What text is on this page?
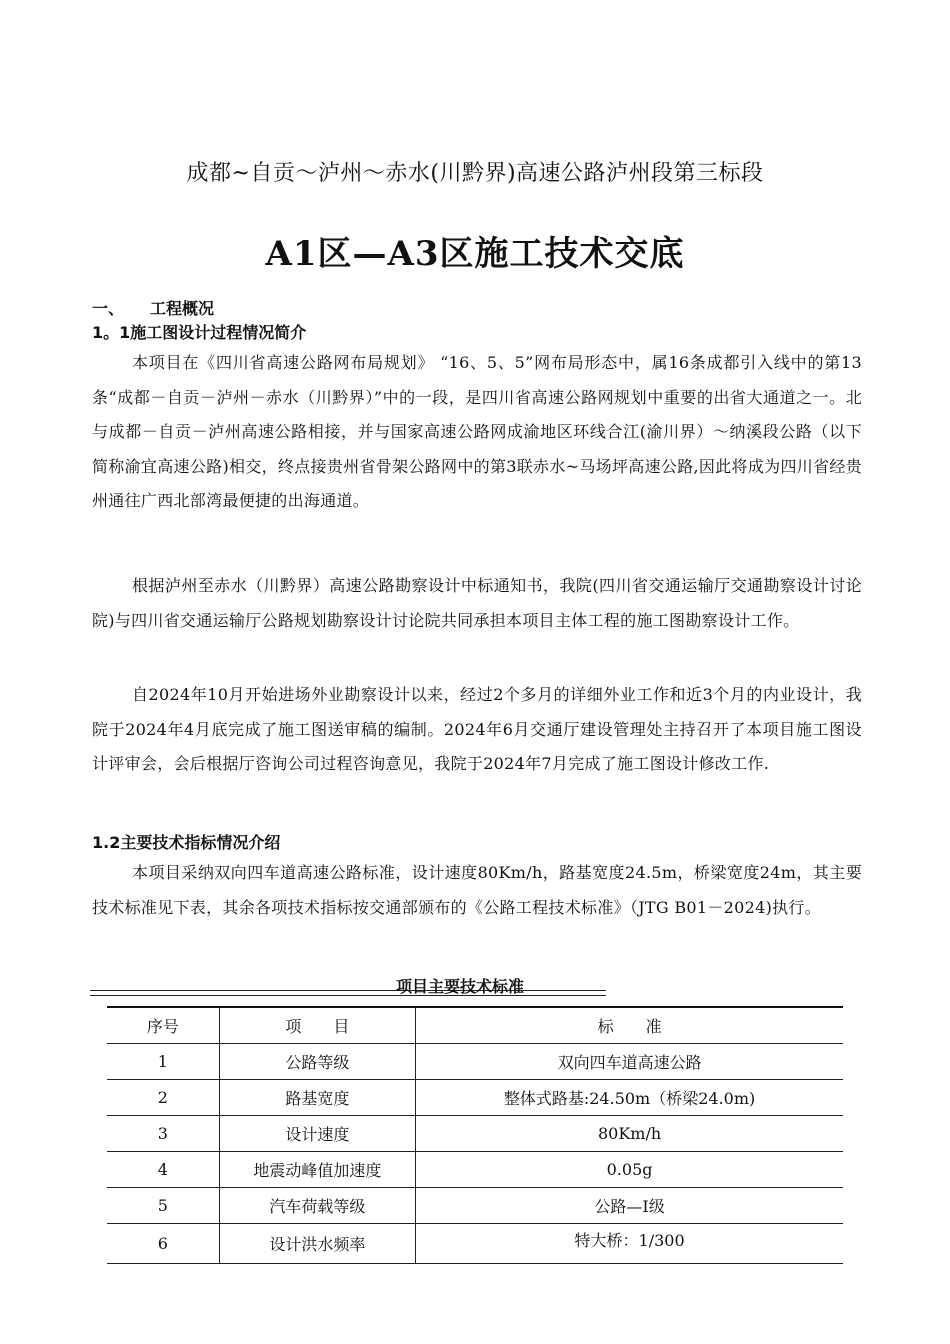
成都~自贡～泸州～赤水(川黔界)高速公路泸州段第三标段
A1区—A3区施工技术交底
一、 工程概况
1。1施工图设计过程情况简介
本项目在《四川省高速公路网布局规划》 “16、5、5”网布局形态中，属16条成都引入线中的第13条“成都－自贡－泸州－赤水（川黔界）”中的一段，是四川省高速公路网规划中重要的出省大通道之一。北与成都－自贡－泸州高速公路相接，并与国家高速公路网成渝地区环线合江(渝川界）～纳溪段公路（以下简称渝宜高速公路)相交，终点接贵州省骨架公路网中的第3联赤水~马场坪高速公路,因此将成为四川省经贵州通往广西北部湾最便捷的出海通道。
根据泸州至赤水（川黔界）高速公路勘察设计中标通知书，我院(四川省交通运输厅交通勘察设计讨论院)与四川省交通运输厅公路规划勘察设计讨论院共同承担本项目主体工程的施工图勘察设计工作。
自2024年10月开始进场外业勘察设计以来，经过2个多月的详细外业工作和近3个月的内业设计，我院于2024年4月底完成了施工图送审稿的编制。2024年6月交通厅建设管理处主持召开了本项目施工图设计评审会，会后根据厅咨询公司过程咨询意见，我院于2024年7月完成了施工图设计修改工作.
1.2主要技术指标情况介绍
本项目采纳双向四车道高速公路标准，设计速度80Km/h，路基宽度24.5m，桥梁宽度24m，其主要技术标准见下表，其余各项技术指标按交通部颁布的《公路工程技术标准》（JTG B01－2024)执行。
项目主要技术标准
序号	项　　目	标　　准
1	公路等级	双向四车道高速公路
2	路基宽度	整体式路基:24.50m（桥梁24.0m)
3	设计速度	80Km/h
4	地震动峰值加速度	0.05g
5	汽车荷载等级	公路—I级
6	设计洪水频率	特大桥：1/300
